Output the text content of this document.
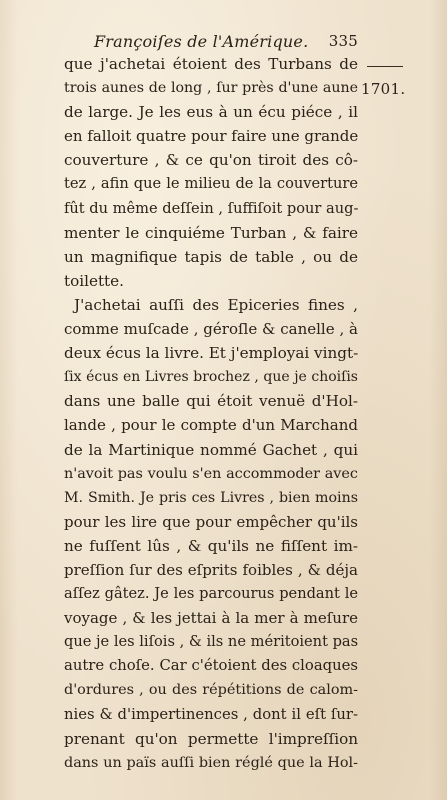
Françoiſes de l'Amérique. 335
1701.
que j'achetai étoient des Turbans de
trois aunes de long , ſur près d'une aune
de large. Je les eus à un écu piéce , il
en falloit quatre pour faire une grande
couverture , & ce qu'on tiroit des cô-
tez , afin que le milieu de la couverture
fût du même deſſein , ſuffiſoit pour aug-
menter le cinquiéme Turban , & faire
un magnifique tapis de table , ou de
toilette.
J'achetai auſſi des Epiceries fines ,
comme muſcade , géroſle & canelle , à
deux écus la livre. Et j'employai vingt-
ſix écus en Livres brochez , que je choiſis
dans une balle qui étoit venuë d'Hol-
lande , pour le compte d'un Marchand
de la Martinique nommé Gachet , qui
n'avoit pas voulu s'en accommoder avec
M. Smith. Je pris ces Livres , bien moins
pour les lire que pour empêcher qu'ils
ne fuſſent lûs , & qu'ils ne fiſſent im-
preſſion ſur des eſprits foibles , & déja
aſſez gâtez. Je les parcourus pendant le
voyage , & les jettai à la mer à meſure
que je les liſois , & ils ne méritoient pas
autre choſe. Car c'étoient des cloaques
d'ordures , ou des répétitions de calom-
nies & d'impertinences , dont il eſt ſur-
prenant qu'on permette l'impreſſion
dans un païs auſſi bien réglé que la Hol-
